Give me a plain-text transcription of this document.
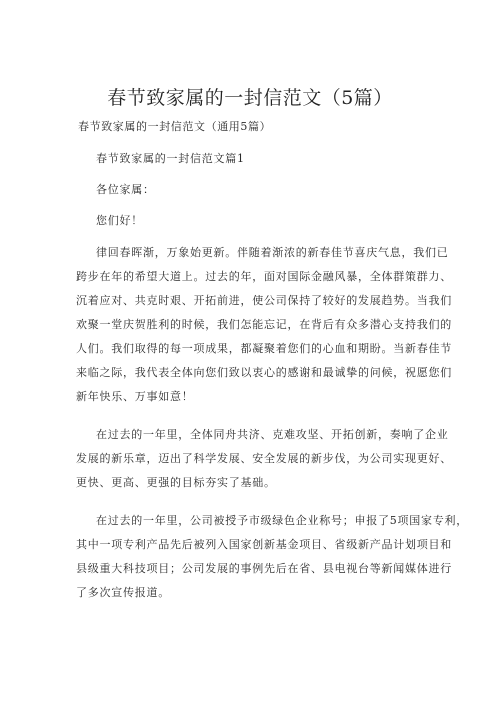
春节致家属的一封信范文（5篇）
春节致家属的一封信范文（通用5篇）
春节致家属的一封信范文篇1
各位家属：
您们好！
律回春晖渐，万象始更新。伴随着渐浓的新春佳节喜庆气息，我们已
跨步在年的希望大道上。过去的年，面对国际金融风暴，全体群策群力、
沉着应对、共克时艰、开拓前进，使公司保持了较好的发展趋势。当我们
欢聚一堂庆贺胜利的时候，我们怎能忘记，在背后有众多潜心支持我们的
人们。我们取得的每一项成果，都凝聚着您们的心血和期盼。当新春佳节
来临之际，我代表全体向您们致以衷心的感谢和最诚挚的问候，祝愿您们
新年快乐、万事如意！
在过去的一年里，全体同舟共济、克难攻坚、开拓创新，奏响了企业
发展的新乐章，迈出了科学发展、安全发展的新步伐，为公司实现更好、
更快、更高、更强的目标夯实了基础。
在过去的一年里，公司被授予市级绿色企业称号；申报了5项国家专利，
其中一项专利产品先后被列入国家创新基金项目、省级新产品计划项目和
县级重大科技项目；公司发展的事例先后在省、县电视台等新闻媒体进行
了多次宣传报道。
